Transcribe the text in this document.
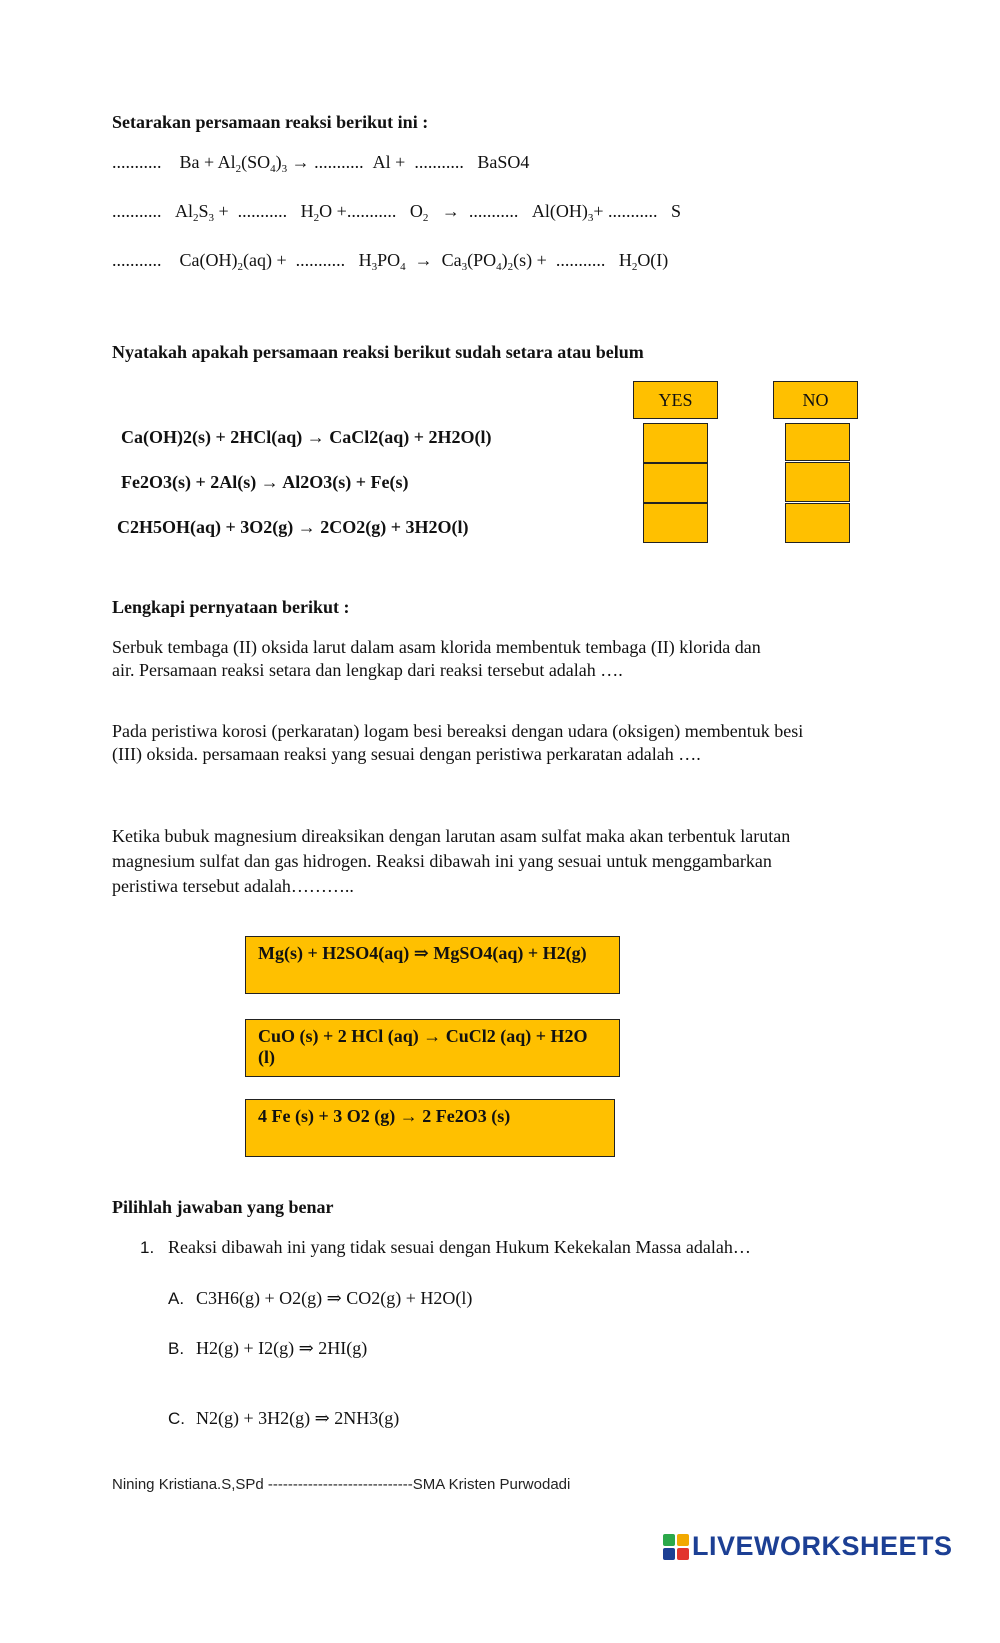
Setarakan persamaan reaksi berikut ini :
........... Ba + Al2(SO4)3 → ........... Al + ........... BaSO4
........... Al2S3 + ........... H2O +........... O2 → ........... Al(OH)3+ ........... S
........... Ca(OH)2(aq) + ........... H3PO4 → Ca3(PO4)2(s) + ........... H2O(I)
Nyatakah apakah persamaan reaksi berikut sudah setara atau belum
YES	NO
Ca(OH)2(s) + 2HCl(aq) → CaCl2(aq) + 2H2O(l)
Fe2O3(s) + 2Al(s) → Al2O3(s) + Fe(s)
C2H5OH(aq) + 3O2(g) → 2CO2(g) + 3H2O(l)
Lengkapi pernyataan berikut :
Serbuk tembaga (II) oksida larut dalam asam klorida membentuk tembaga (II) klorida dan air. Persamaan reaksi setara dan lengkap dari reaksi tersebut adalah ….
Pada peristiwa korosi (perkaratan) logam besi bereaksi dengan udara (oksigen) membentuk besi (III) oksida. persamaan reaksi yang sesuai dengan peristiwa perkaratan adalah ….
Ketika bubuk magnesium direaksikan dengan larutan asam sulfat maka akan terbentuk larutan magnesium sulfat dan gas hidrogen. Reaksi dibawah ini yang sesuai untuk menggambarkan peristiwa tersebut adalah………..
Mg(s) + H2SO4(aq) ⇒ MgSO4(aq) + H2(g)
CuO (s) + 2 HCl (aq) → CuCl2 (aq) + H2O (l)
4 Fe (s) + 3 O2 (g) → 2 Fe2O3 (s)
Pilihlah jawaban yang benar
1. Reaksi dibawah ini yang tidak sesuai dengan Hukum Kekekalan Massa adalah…
A. C3H6(g) + O2(g) ⇒ CO2(g) + H2O(l)
B. H2(g) + I2(g) ⇒ 2HI(g)
C. N2(g) + 3H2(g) ⇒ 2NH3(g)
Nining Kristiana.S,SPd -----------------------------SMA Kristen Purwodadi
LIVEWORKSHEETS
